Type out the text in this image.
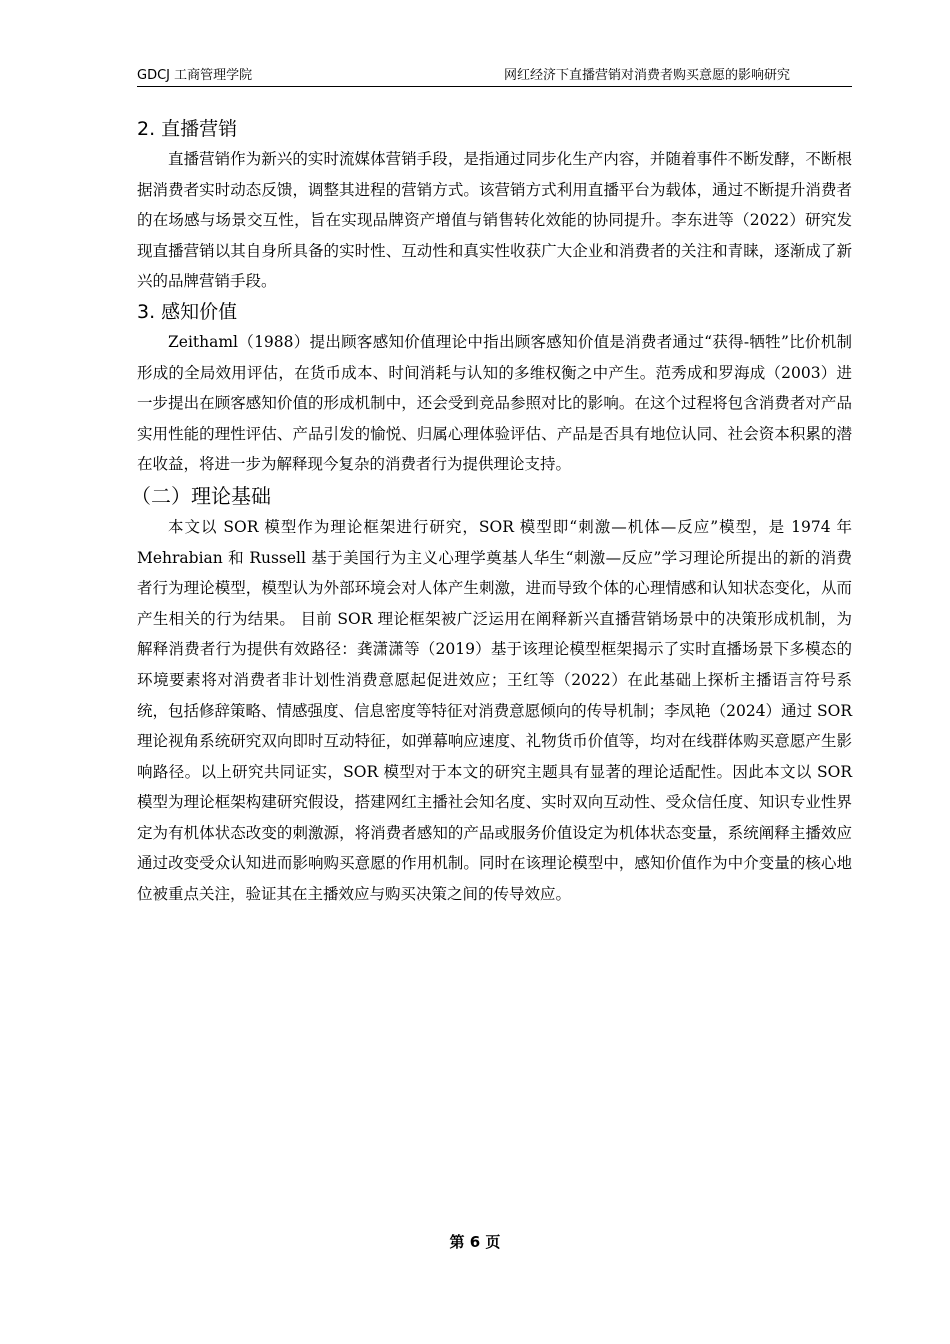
GDCJ 工商管理学院	网红经济下直播营销对消费者购买意愿的影响研究
2. 直播营销

直播营销作为新兴的实时流媒体营销手段，是指通过同步化生产内容，并随着事件不断发酵，不断根据消费者实时动态反馈，调整其进程的营销方式。该营销方式利用直播平台为载体，通过不断提升消费者的在场感与场景交互性，旨在实现品牌资产增值与销售转化效能的协同提升。李东进等（2022）研究发现直播营销以其自身所具备的实时性、互动性和真实性收获广大企业和消费者的关注和青睐，逐渐成了新兴的品牌营销手段。

3. 感知价值

Zeithaml（1988）提出顾客感知价值理论中指出顾客感知价值是消费者通过“获得-牺牲”比价机制形成的全局效用评估，在货币成本、时间消耗与认知的多维权衡之中产生。范秀成和罗海成（2003）进一步提出在顾客感知价值的形成机制中，还会受到竞品参照对比的影响。在这个过程将包含消费者对产品实用性能的理性评估、产品引发的愉悦、归属心理体验评估、产品是否具有地位认同、社会资本积累的潜在收益，将进一步为解释现今复杂的消费者行为提供理论支持。

（二）理论基础

本文以 SOR 模型作为理论框架进行研究，SOR 模型即“刺激—机体—反应”模型，是 1974 年 Mehrabian 和 Russell 基于美国行为主义心理学奠基人华生“刺激—反应”学习理论所提出的新的消费者行为理论模型，模型认为外部环境会对人体产生刺激，进而导致个体的心理情感和认知状态变化，从而产生相关的行为结果。 目前 SOR 理论框架被广泛运用在阐释新兴直播营销场景中的决策形成机制，为解释消费者行为提供有效路径：龚潇潇等（2019）基于该理论模型框架揭示了实时直播场景下多模态的环境要素将对消费者非计划性消费意愿起促进效应；王红等（2022）在此基础上探析主播语言符号系统，包括修辞策略、情感强度、信息密度等特征对消费意愿倾向的传导机制；李凤艳（2024）通过 SOR 理论视角系统研究双向即时互动特征，如弹幕响应速度、礼物货币价值等，均对在线群体购买意愿产生影响路径。以上研究共同证实，SOR 模型对于本文的研究主题具有显著的理论适配性。因此本文以 SOR 模型为理论框架构建研究假设，搭建网红主播社会知名度、实时双向互动性、受众信任度、知识专业性界定为有机体状态改变的刺激源，将消费者感知的产品或服务价值设定为机体状态变量，系统阐释主播效应通过改变受众认知进而影响购买意愿的作用机制。同时在该理论模型中，感知价值作为中介变量的核心地位被重点关注，验证其在主播效应与购买决策之间的传导效应。

第 6 页
